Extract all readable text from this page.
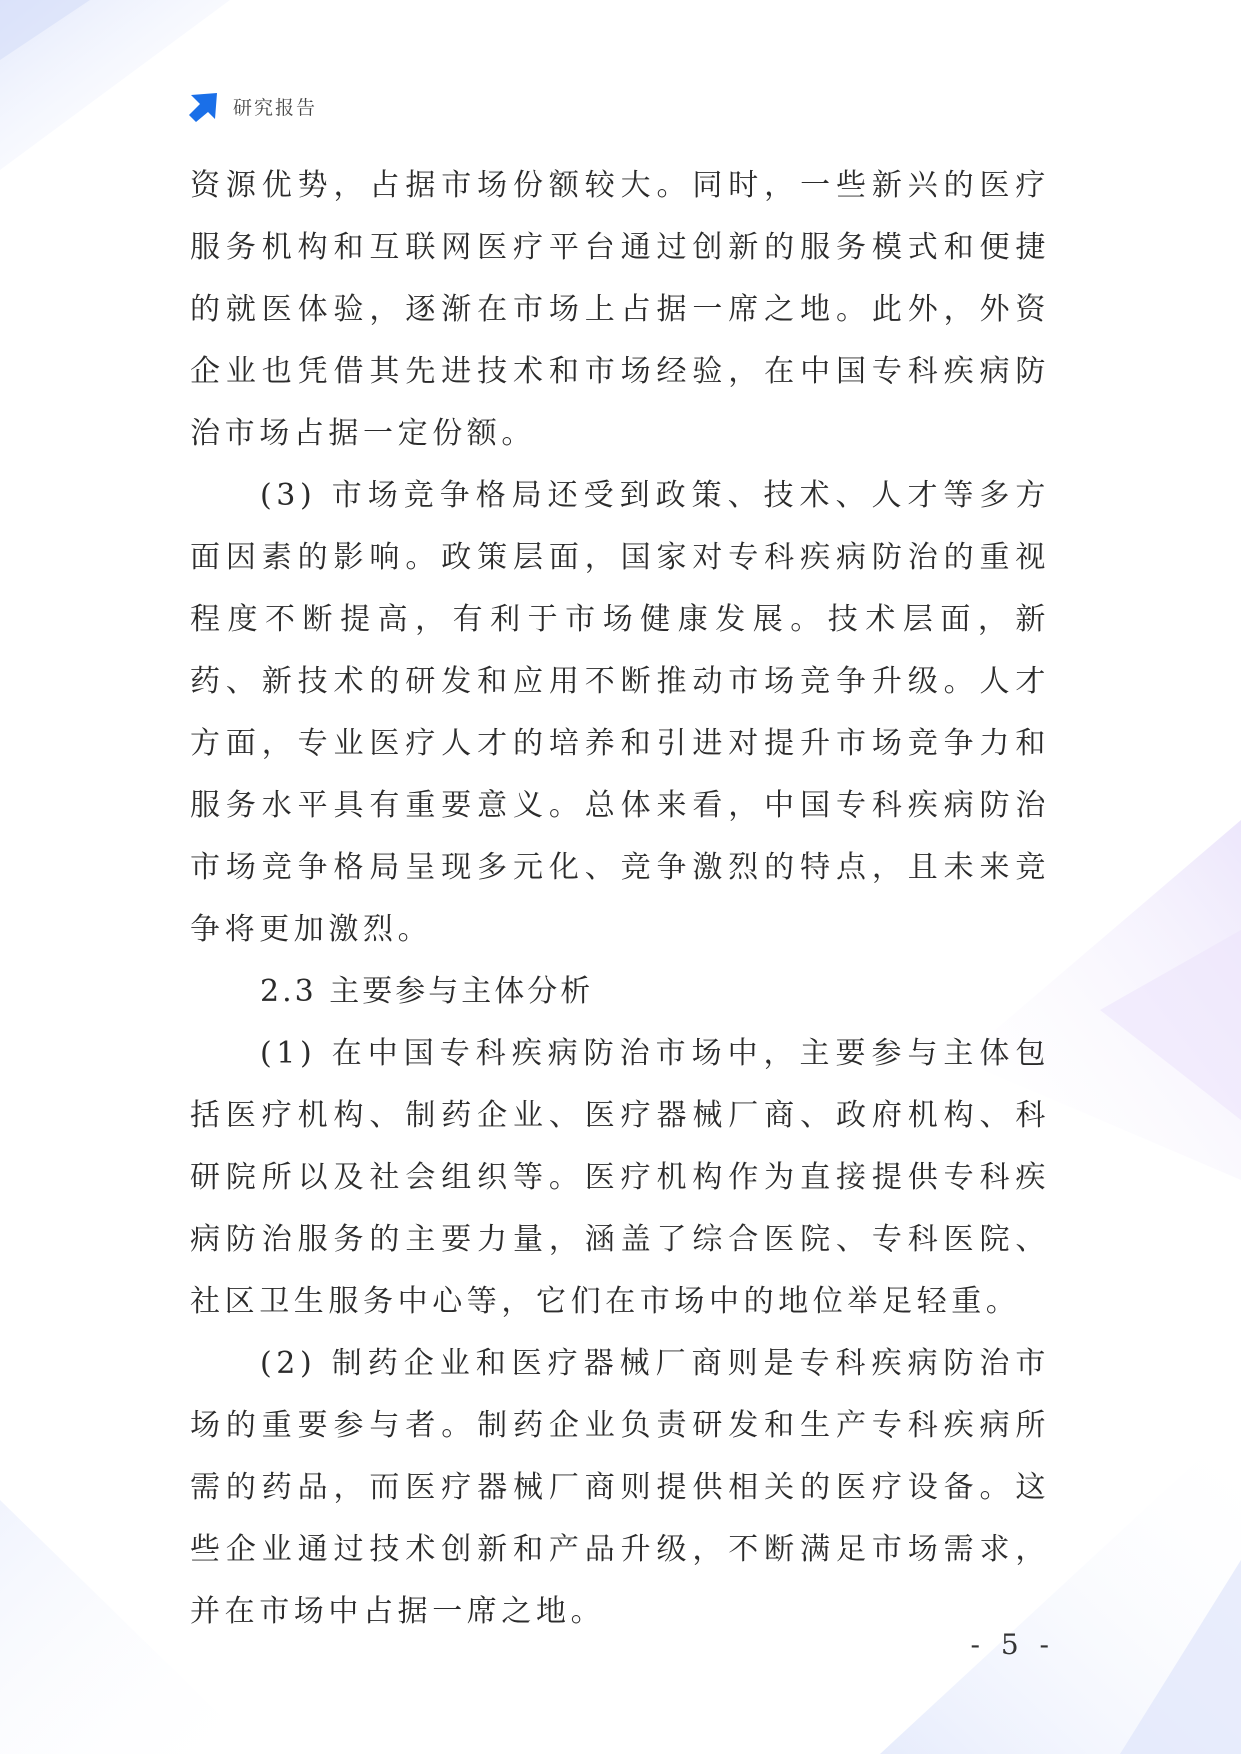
研究报告

资源优势，占据市场份额较大。同时，一些新兴的医疗服务机构和互联网医疗平台通过创新的服务模式和便捷的就医体验，逐渐在市场上占据一席之地。此外，外资企业也凭借其先进技术和市场经验，在中国专科疾病防治市场占据一定份额。

(3) 市场竞争格局还受到政策、技术、人才等多方面因素的影响。政策层面，国家对专科疾病防治的重视程度不断提高，有利于市场健康发展。技术层面，新药、新技术的研发和应用不断推动市场竞争升级。人才方面，专业医疗人才的培养和引进对提升市场竞争力和服务水平具有重要意义。总体来看，中国专科疾病防治市场竞争格局呈现多元化、竞争激烈的特点，且未来竞争将更加激烈。

2.3 主要参与主体分析

(1) 在中国专科疾病防治市场中，主要参与主体包括医疗机构、制药企业、医疗器械厂商、政府机构、科研院所以及社会组织等。医疗机构作为直接提供专科疾病防治服务的主要力量，涵盖了综合医院、专科医院、社区卫生服务中心等，它们在市场中的地位举足轻重。

(2) 制药企业和医疗器械厂商则是专科疾病防治市场的重要参与者。制药企业负责研发和生产专科疾病所需的药品，而医疗器械厂商则提供相关的医疗设备。这些企业通过技术创新和产品升级，不断满足市场需求，并在市场中占据一席之地。

- 5 -
